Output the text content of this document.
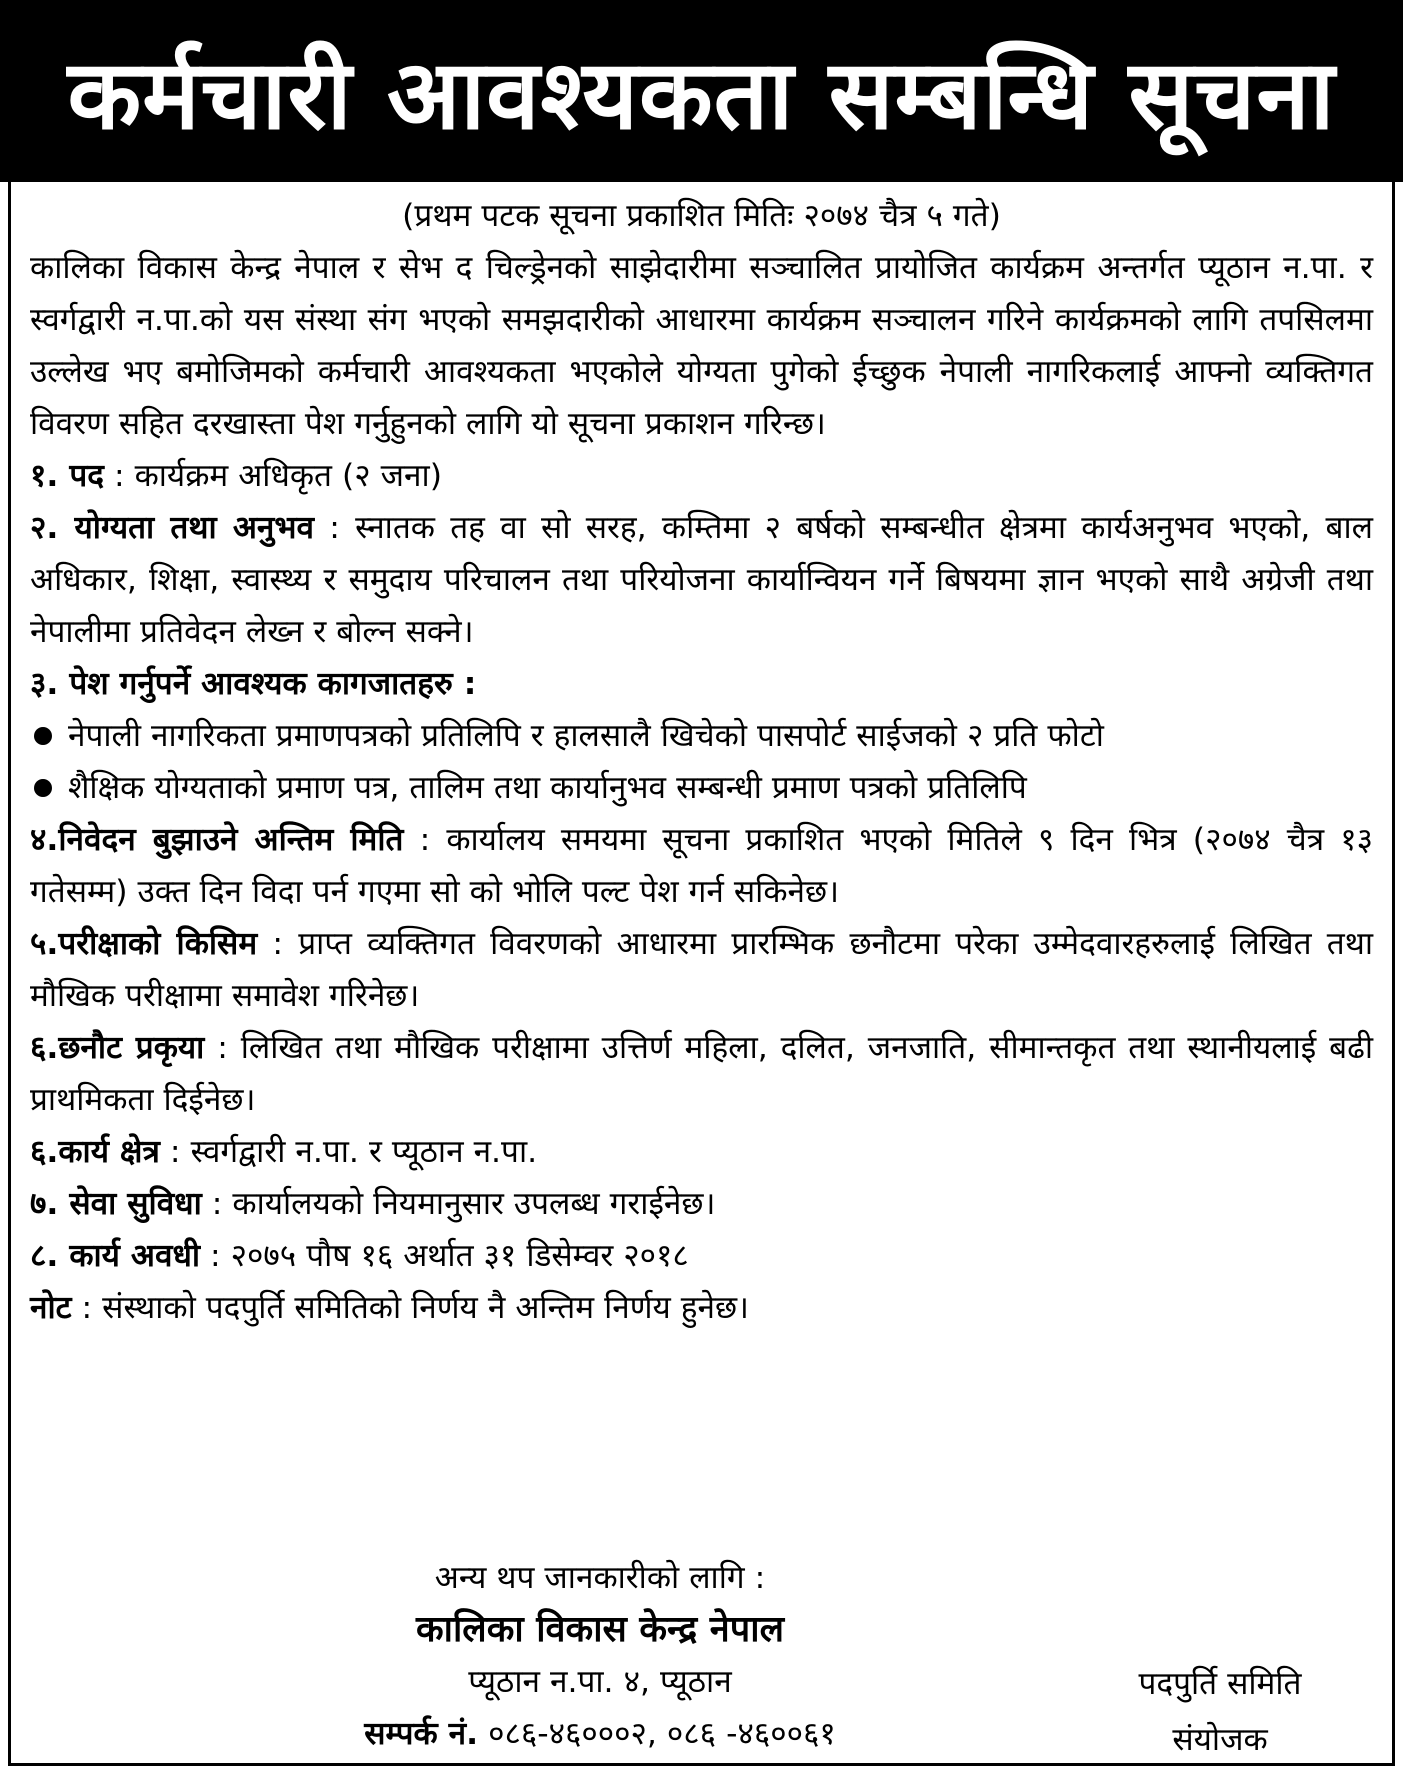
कर्मचारी आवश्यकता सम्बन्धि सूचना
(प्रथम पटक सूचना प्रकाशित मितिः २०७४ चैत्र ५ गते)
कालिका विकास केन्द्र नेपाल र सेभ द चिल्ड्रेनको साझेदारीमा सञ्चालित प्रायोजित कार्यक्रम अन्तर्गत प्यूठान न.पा. र स्वर्गद्वारी न.पा.को यस संस्था संग भएको समझदारीको आधारमा कार्यक्रम सञ्चालन गरिने कार्यक्रमको लागि तपसिलमा उल्लेख भए बमोजिमको कर्मचारी आवश्यकता भएकोले योग्यता पुगेको ईच्छुक नेपाली नागरिकलाई आफ्नो व्यक्तिगत विवरण सहित दरखास्ता पेश गर्नुहुनको लागि यो सूचना प्रकाशन गरिन्छ।
१. पद : कार्यक्रम अधिकृत (२ जना)
२. योग्यता तथा अनुभव : स्नातक तह वा सो सरह, कम्तिमा २ बर्षको सम्बन्धीत क्षेत्रमा कार्यअनुभव भएको, बाल अधिकार, शिक्षा, स्वास्थ्य र समुदाय परिचालन तथा परियोजना कार्यान्वियन गर्ने बिषयमा ज्ञान भएको साथै अग्रेजी तथा नेपालीमा प्रतिवेदन लेख्न र बोल्न सक्ने।
३. पेश गर्नुपर्ने आवश्यक कागजातहरु :
नेपाली नागरिकता प्रमाणपत्रको प्रतिलिपि र हालसालै खिचेको पासपोर्ट साईजको २ प्रति फोटो
शैक्षिक योग्यताको प्रमाण पत्र, तालिम तथा कार्यानुभव सम्बन्धी प्रमाण पत्रको प्रतिलिपि
४.निवेदन बुझाउने अन्तिम मिति : कार्यालय समयमा सूचना प्रकाशित भएको मितिले ९ दिन भित्र (२०७४ चैत्र १३ गतेसम्म) उक्त दिन विदा पर्न गएमा सो को भोलि पल्ट पेश गर्न सकिनेछ।
५.परीक्षाको किसिम : प्राप्त व्यक्तिगत विवरणको आधारमा प्रारम्भिक छनौटमा परेका उम्मेदवारहरुलाई लिखित तथा मौखिक परीक्षामा समावेश गरिनेछ।
६.छनौट प्रकृया : लिखित तथा मौखिक परीक्षामा उत्तिर्ण महिला, दलित, जनजाति, सीमान्तकृत तथा स्थानीयलाई बढी प्राथमिकता दिईनेछ।
६.कार्य क्षेत्र : स्वर्गद्वारी न.पा. र प्यूठान न.पा.
७. सेवा सुविधा : कार्यालयको नियमानुसार उपलब्ध गराईनेछ।
८. कार्य अवधी : २०७५ पौष १६ अर्थात ३१ डिसेम्वर २०१८
नोट : संस्थाको पदपुर्ति समितिको निर्णय नै अन्तिम निर्णय हुनेछ।
अन्य थप जानकारीको लागि :
कालिका विकास केन्द्र नेपाल
प्यूठान न.पा. ४, प्यूठान
सम्पर्क नं. ०८६-४६०००२, ०८६ -४६००६१
पदपुर्ति समिति
संयोजक
